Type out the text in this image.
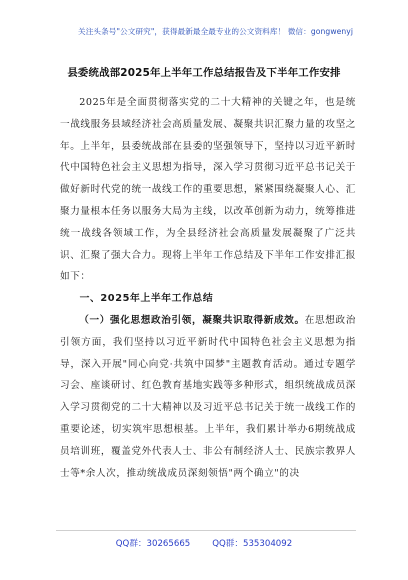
关注头条号"公文研究"，获得最新最全最专业的公文资料库！ 微信：gongwenyj
县委统战部2025年上半年工作总结报告及下半年工作安排

2025年是全面贯彻落实党的二十大精神的关键之年，也是统一战线服务县域经济社会高质量发展、凝聚共识汇聚力量的攻坚之年。上半年，县委统战部在县委的坚强领导下，坚持以习近平新时代中国特色社会主义思想为指导，深入学习贯彻习近平总书记关于做好新时代党的统一战线工作的重要思想，紧紧围绕凝聚人心、汇聚力量根本任务以服务大局为主线，以改革创新为动力，统筹推进统一战线各领域工作，为全县经济社会高质量发展凝聚了广泛共识、汇聚了强大合力。现将上半年工作总结及下半年工作安排汇报如下：

一、2025年上半年工作总结

（一）强化思想政治引领，凝聚共识取得新成效。在思想政治引领方面，我们坚持以习近平新时代中国特色社会主义思想为指导，深入开展"同心向党·共筑中国梦"主题教育活动。通过专题学习会、座谈研讨、红色教育基地实践等多种形式，组织统战成员深入学习贯彻党的二十大精神以及习近平总书记关于统一战线工作的重要论述，切实筑牢思想根基。上半年，我们累计举办6期统战成员培训班，覆盖党外代表人士、非公有制经济人士、民族宗教界人士等*余人次，推动统战成员深刻领悟"两个确立"的决

QQ群：30265665	QQ群：535304092
